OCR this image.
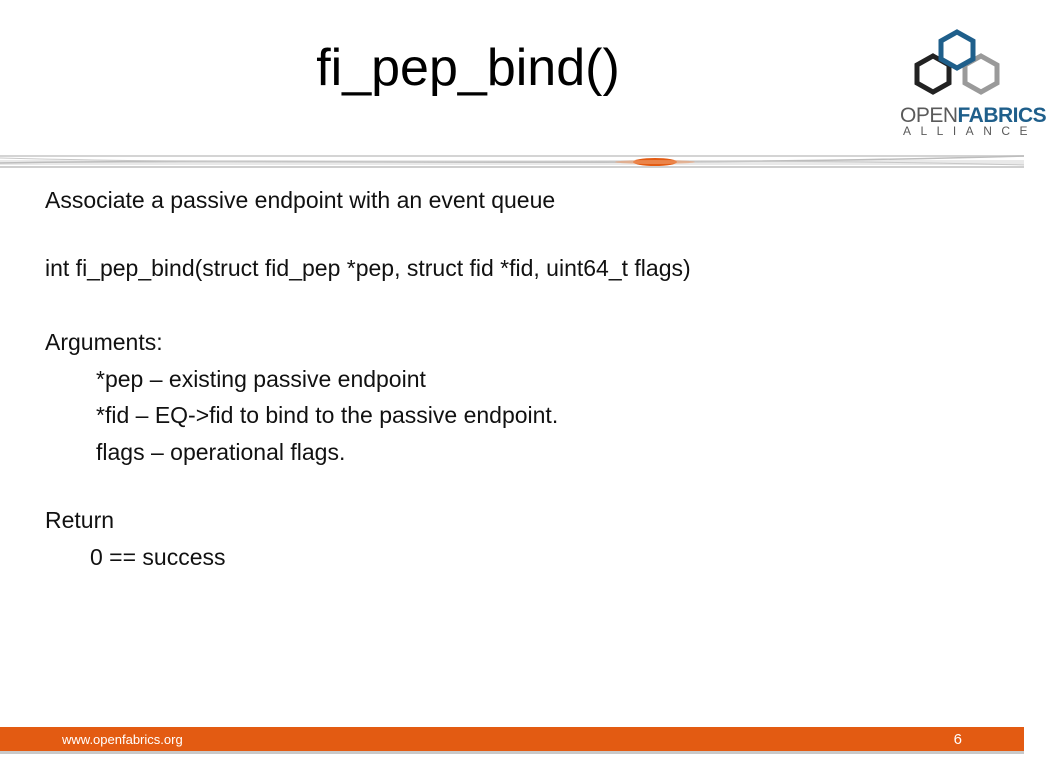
fi_pep_bind()
OPENFABRICS
ALLIANCE
Associate a passive endpoint with an event queue
int fi_pep_bind(struct fid_pep *pep, struct fid *fid, uint64_t flags)
Arguments:
*pep – existing passive endpoint
*fid – EQ->fid to bind to the passive endpoint.
flags – operational flags.
Return
0 == success
www.openfabrics.org	6
